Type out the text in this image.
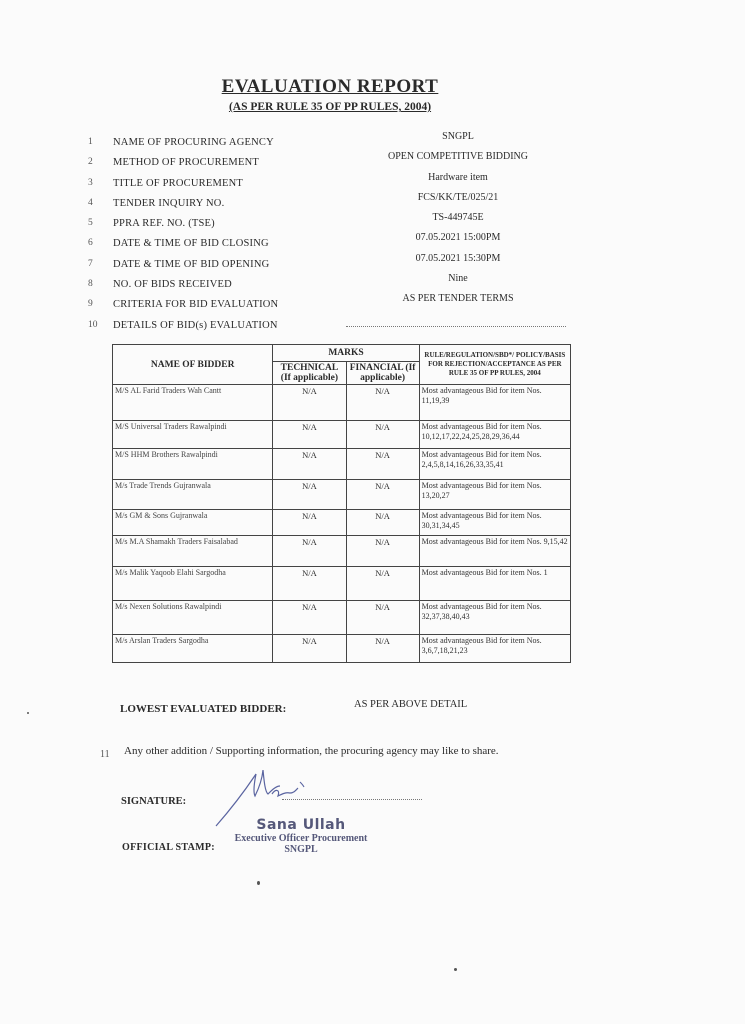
EVALUATION REPORT
(AS PER RULE 35 OF PP RULES, 2004)
1	NAME OF PROCURING AGENCY
SNGPL
2	METHOD OF PROCUREMENT
OPEN COMPETITIVE BIDDING
3	TITLE OF PROCUREMENT
Hardware item
4	TENDER INQUIRY NO.
FCS/KK/TE/025/21
5	PPRA REF. NO. (TSE)
TS-449745E
6	DATE & TIME OF BID CLOSING
07.05.2021 15:00PM
7	DATE & TIME OF BID OPENING
07.05.2021 15:30PM
8	NO. OF BIDS RECEIVED
Nine
9	CRITERIA FOR BID EVALUATION
AS PER TENDER TERMS
10	DETAILS OF BID(s) EVALUATION
NAME OF BIDDER	MARKS		RULE/REGULATION/SBD*/ POLICY/BASIS FOR REJECTION/ACCEPTANCE AS PER RULE 35 OF PP RULES, 2004
	TECHNICAL (If applicable)	FINANCIAL (If applicable)	
M/S AL Farid Traders Wah Cantt	N/A	N/A	Most advantageous Bid for item Nos. 11,19,39
M/S Universal Traders Rawalpindi	N/A	N/A	Most advantageous Bid for item Nos. 10,12,17,22,24,25,28,29,36,44
M/S HHM Brothers Rawalpindi	N/A	N/A	Most advantageous Bid for item Nos. 2,4,5,8,14,16,26,33,35,41
M/s Trade Trends Gujranwala	N/A	N/A	Most advantageous Bid for item Nos. 13,20,27
M/s GM & Sons Gujranwala	N/A	N/A	Most advantageous Bid for item Nos. 30,31,34,45
M/s M.A Shamakh Traders Faisalabad	N/A	N/A	Most advantageous Bid for item Nos. 9,15,42
M/s Malik Yaqoob Elahi Sargodha	N/A	N/A	Most advantageous Bid for item Nos. 1
M/s Nexen Solutions Rawalpindi	N/A	N/A	Most advantageous Bid for item Nos. 32,37,38,40,43
M/s Arslan Traders Sargodha	N/A	N/A	Most advantageous Bid for item Nos. 3,6,7,18,21,23
LOWEST EVALUATED BIDDER:	AS PER ABOVE DETAIL
11 Any other addition / Supporting information, the procuring agency may like to share.
SIGNATURE:
OFFICIAL STAMP:
Sana Ullah
Executive Officer Procurement
SNGPL
